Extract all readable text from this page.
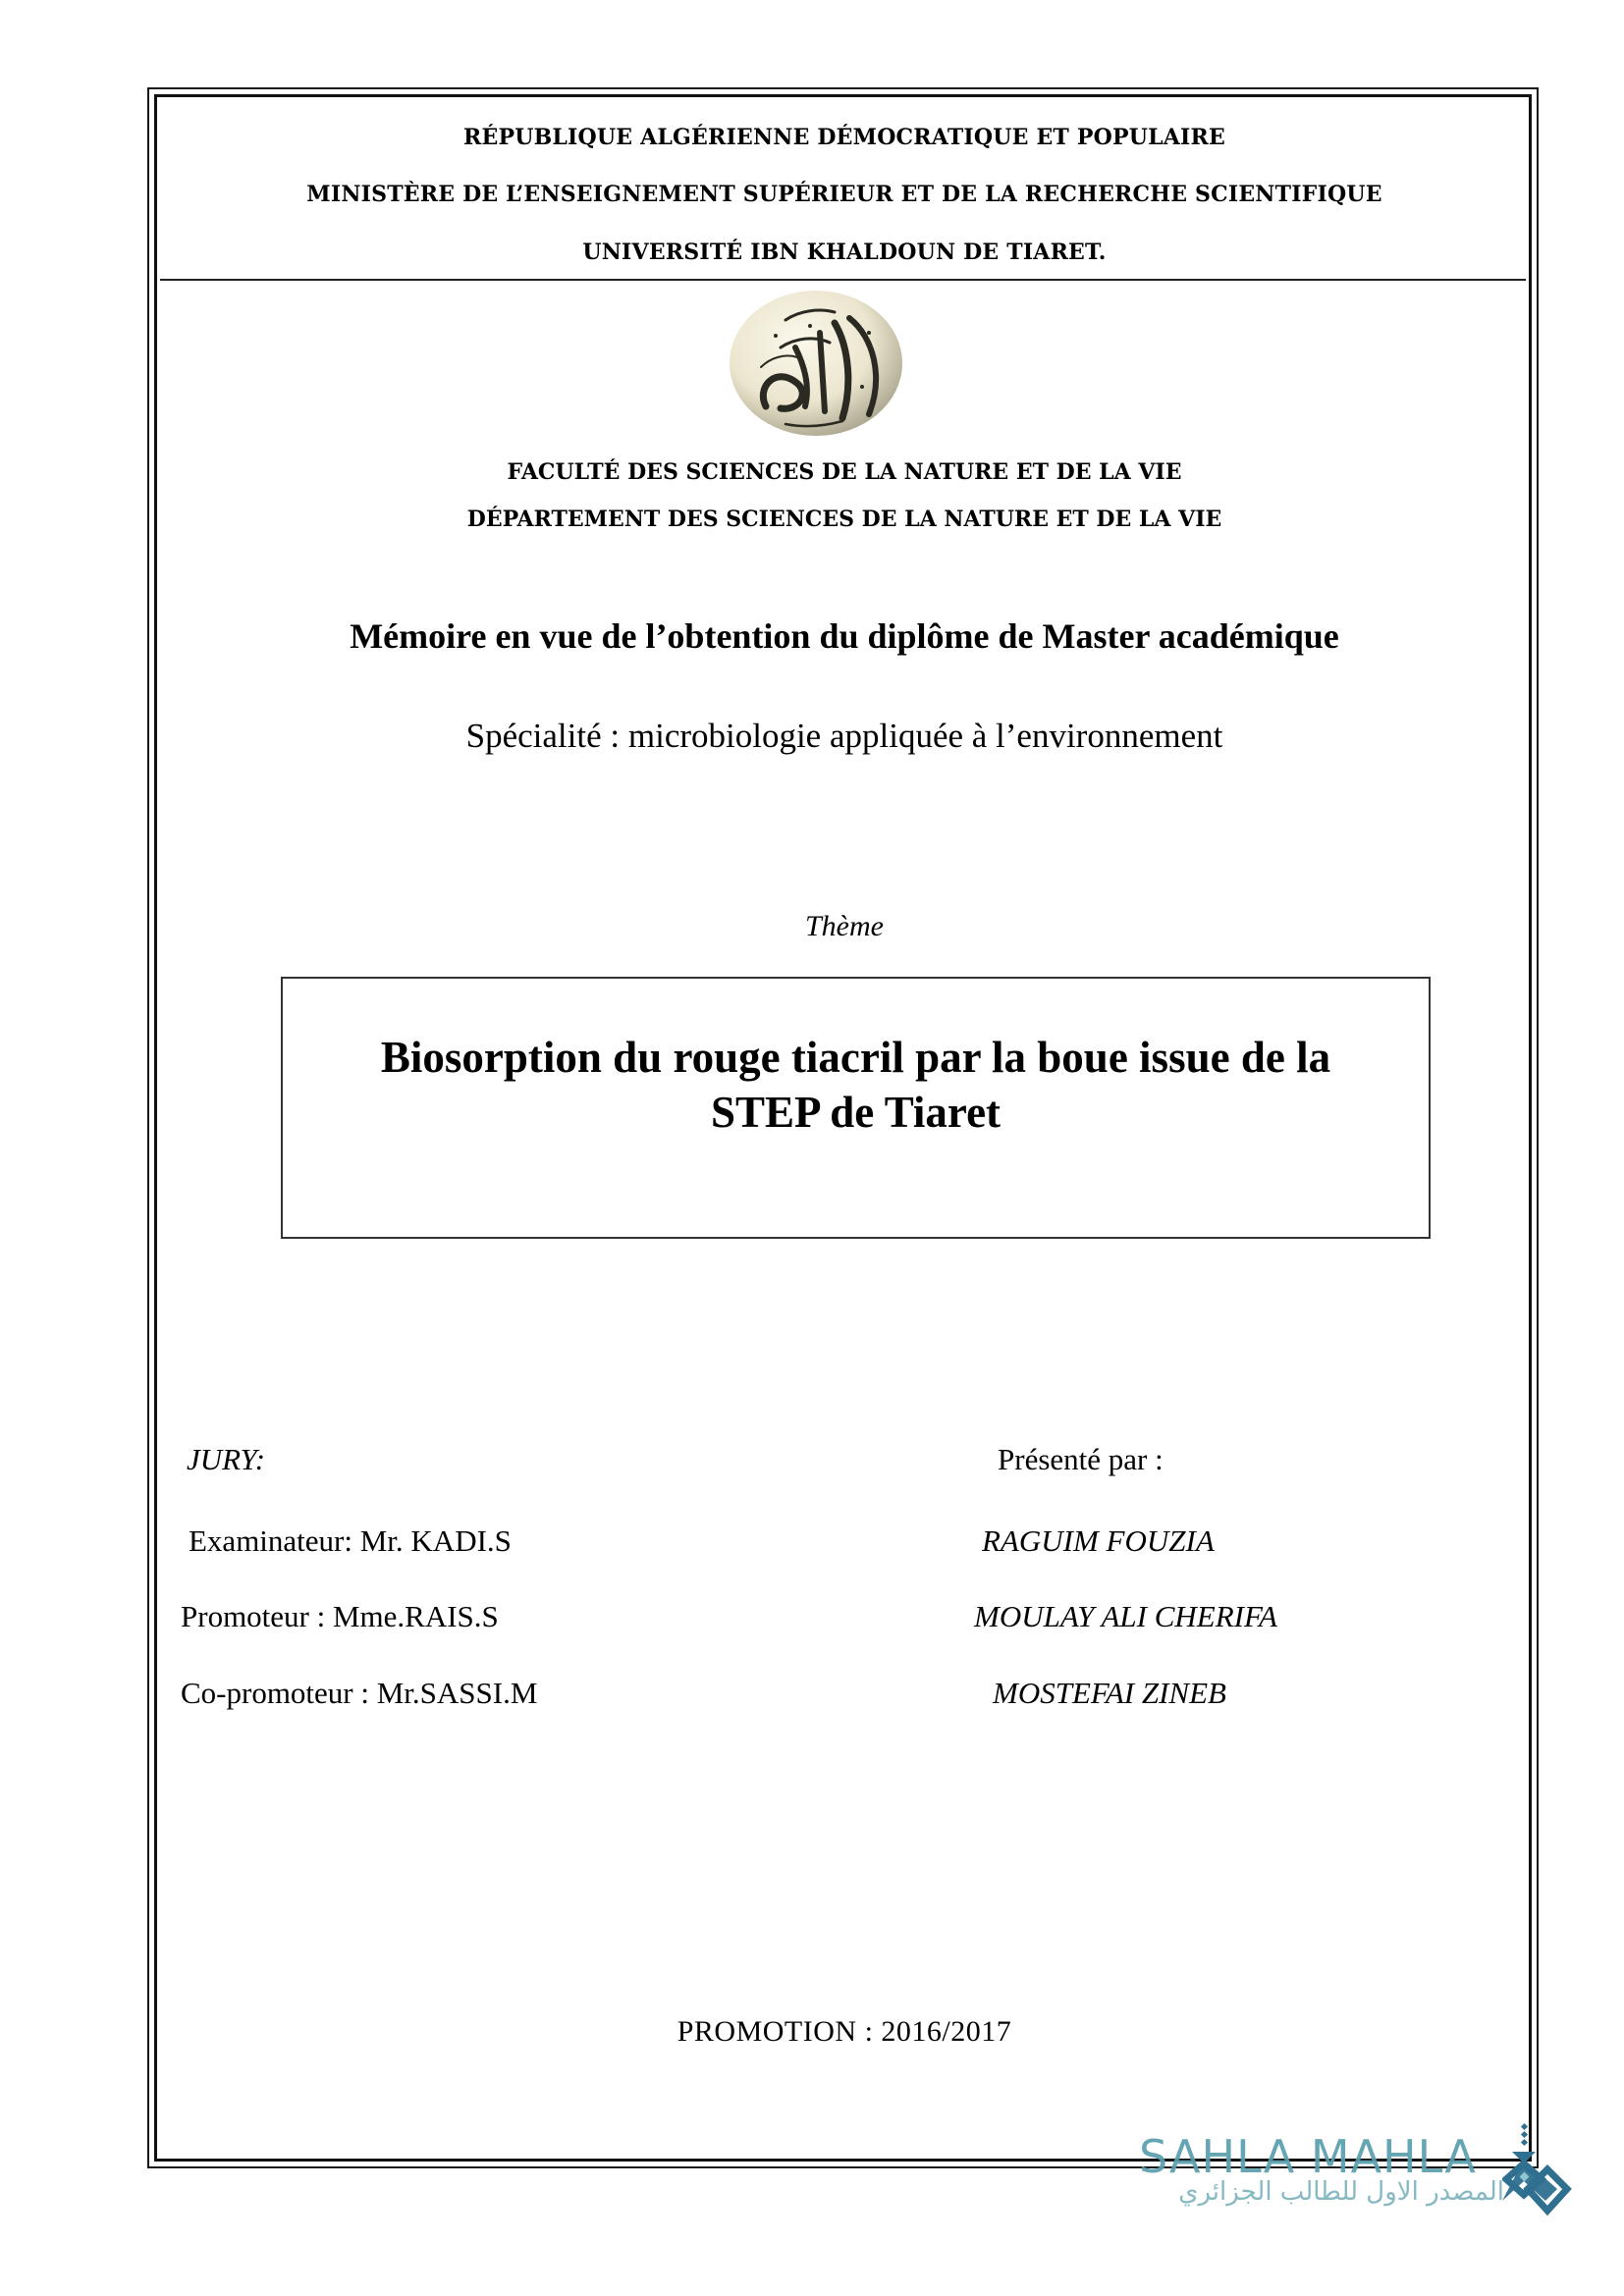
RÉPUBLIQUE ALGÉRIENNE DÉMOCRATIQUE ET POPULAIRE
MINISTÈRE DE L’ENSEIGNEMENT SUPÉRIEUR ET DE LA RECHERCHE SCIENTIFIQUE
UNIVERSITÉ IBN KHALDOUN DE TIARET.
FACULTÉ DES SCIENCES DE LA NATURE ET DE LA VIE
DÉPARTEMENT DES SCIENCES DE LA NATURE ET DE LA VIE
Mémoire en vue de l’obtention du diplôme de Master académique
Spécialité : microbiologie appliquée à l’environnement
Thème
Biosorption du rouge tiacril par la boue issue de la
STEP de Tiaret
JURY:
Examinateur: Mr. KADI.S
Promoteur : Mme.RAIS.S
Co-promoteur : Mr.SASSI.M
Présenté par :
RAGUIM FOUZIA
MOULAY ALI CHERIFA
MOSTEFAI ZINEB
PROMOTION : 2016/2017
SAHLA MAHLA
المصدر الاول للطالب الجزائري
